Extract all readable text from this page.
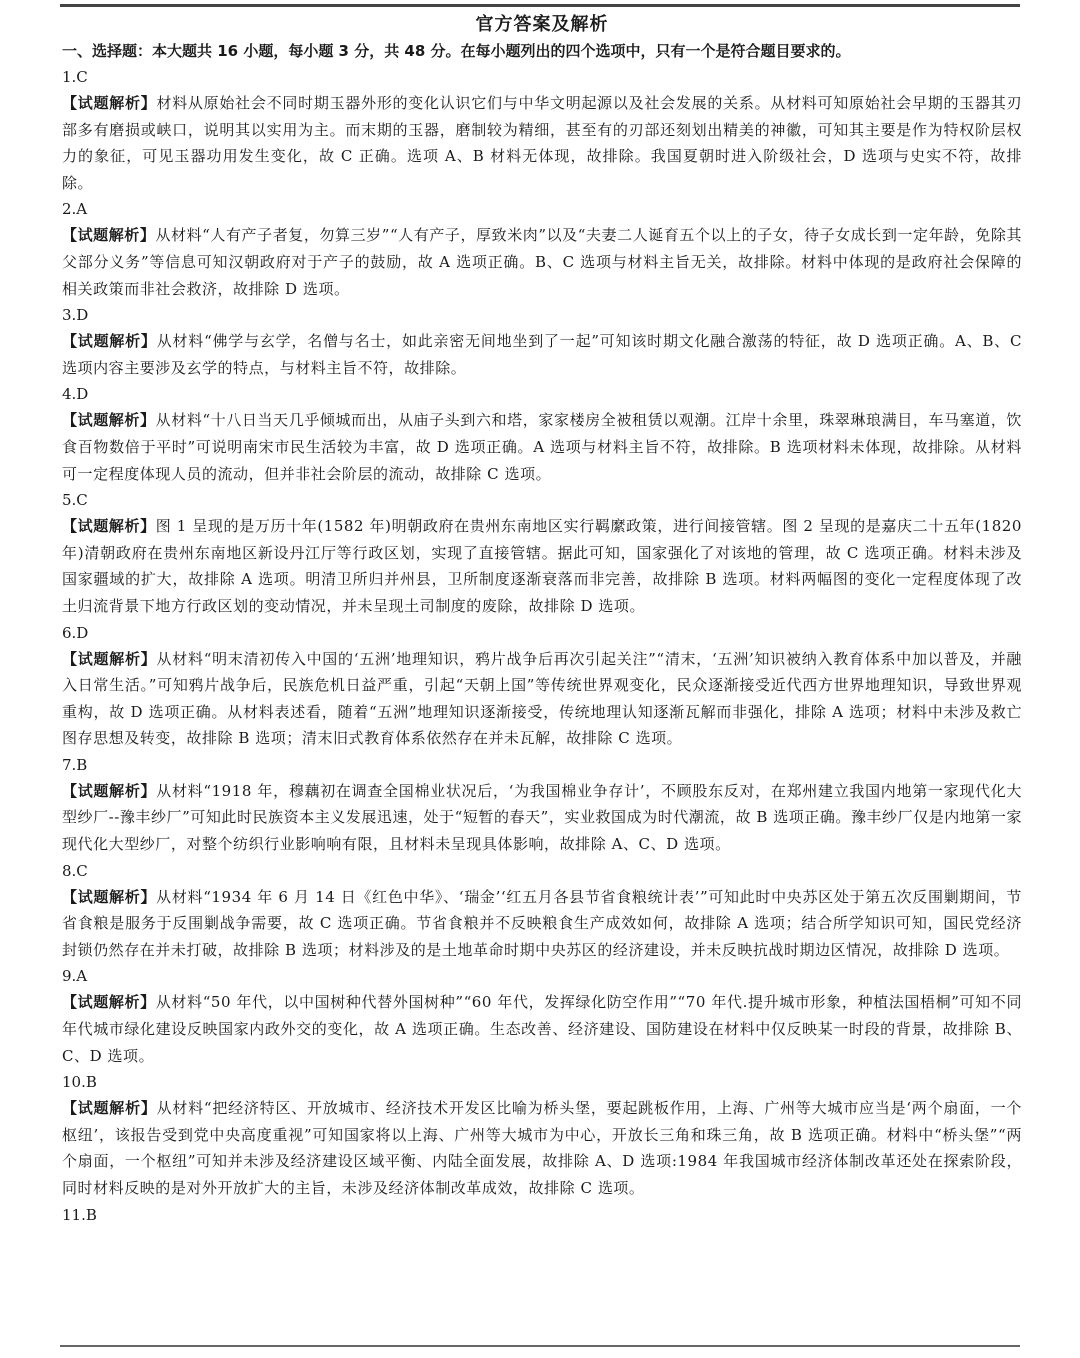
官方答案及解析

一、选择题：本大题共 16 小题，每小题 3 分，共 48 分。在每小题列出的四个选项中，只有一个是符合题目要求的。

1.C

【试题解析】材料从原始社会不同时期玉器外形的变化认识它们与中华文明起源以及社会发展的关系。从材料可知原始社会早期的玉器其刃部多有磨损或峡口，说明其以实用为主。而末期的玉器，磨制较为精细，甚至有的刃部还刻划出精美的神徽，可知其主要是作为特权阶层权力的象征，可见玉器功用发生变化，故 C 正确。选项 A、B 材料无体现，故排除。我国夏朝时进入阶级社会，D 选项与史实不符，故排除。

2.A

【试题解析】从材料“人有产子者复，勿算三岁”“人有产子，厚致米肉”以及“夫妻二人诞育五个以上的子女，待子女成长到一定年龄，免除其父部分义务”等信息可知汉朝政府对于产子的鼓励，故 A 选项正确。B、C 选项与材料主旨无关，故排除。材料中体现的是政府社会保障的相关政策而非社会救济，故排除 D 选项。

3.D

【试题解析】从材料“佛学与玄学，名僧与名士，如此亲密无间地坐到了一起”可知该时期文化融合激荡的特征，故 D 选项正确。A、B、C 选项内容主要涉及玄学的特点，与材料主旨不符，故排除。

4.D

【试题解析】从材料“十八日当天几乎倾城而出，从庙子头到六和塔，家家楼房全被租赁以观潮。江岸十余里，珠翠琳琅满目，车马塞道，饮食百物数倍于平时”可说明南宋市民生活较为丰富，故 D 选项正确。A 选项与材料主旨不符，故排除。B 选项材料未体现，故排除。从材料可一定程度体现人员的流动，但并非社会阶层的流动，故排除 C 选项。

5.C

【试题解析】图 1 呈现的是万历十年(1582 年)明朝政府在贵州东南地区实行羁縻政策，进行间接管辖。图 2 呈现的是嘉庆二十五年(1820 年)清朝政府在贵州东南地区新设丹江厅等行政区划，实现了直接管辖。据此可知，国家强化了对该地的管理，故 C 选项正确。材料未涉及国家疆域的扩大，故排除 A 选项。明清卫所归并州县，卫所制度逐渐衰落而非完善，故排除 B 选项。材料两幅图的变化一定程度体现了改土归流背景下地方行政区划的变动情况，并未呈现土司制度的废除，故排除 D 选项。

6.D

【试题解析】从材料“明末清初传入中国的‘五洲’地理知识，鸦片战争后再次引起关注”“清末，‘五洲’知识被纳入教育体系中加以普及，并融入日常生活。”可知鸦片战争后，民族危机日益严重，引起“天朝上国”等传统世界观变化，民众逐渐接受近代西方世界地理知识，导致世界观重构，故 D 选项正确。从材料表述看，随着“五洲”地理知识逐渐接受，传统地理认知逐渐瓦解而非强化，排除 A 选项；材料中未涉及救亡图存思想及转变，故排除 B 选项；清末旧式教育体系依然存在并未瓦解，故排除 C 选项。

7.B

【试题解析】从材料“1918 年，穆藕初在调查全国棉业状况后，‘为我国棉业争存计’，不顾股东反对，在郑州建立我国内地第一家现代化大型纱厂--豫丰纱厂”可知此时民族资本主义发展迅速，处于“短暂的春天”，实业救国成为时代潮流，故 B 选项正确。豫丰纱厂仅是内地第一家现代化大型纱厂，对整个纺织行业影响响有限，且材料未呈现具体影响，故排除 A、C、D 选项。

8.C

【试题解析】从材料“1934 年 6 月 14 日《红色中华》、‘瑞金’‘红五月各县节省食粮统计表’”可知此时中央苏区处于第五次反围剿期间，节省食粮是服务于反围剿战争需要，故 C 选项正确。节省食粮并不反映粮食生产成效如何，故排除 A 选项；结合所学知识可知，国民党经济封锁仍然存在并未打破，故排除 B 选项；材料涉及的是土地革命时期中央苏区的经济建设，并未反映抗战时期边区情况，故排除 D 选项。

9.A

【试题解析】从材料“50 年代，以中国树种代替外国树种”“60 年代，发挥绿化防空作用”“70 年代.提升城市形象，种植法国梧桐”可知不同年代城市绿化建设反映国家内政外交的变化，故 A 选项正确。生态改善、经济建设、国防建设在材料中仅反映某一时段的背景，故排除 B、C、D 选项。

10.B

【试题解析】从材料“把经济特区、开放城市、经济技术开发区比喻为桥头堡，要起跳板作用，上海、广州等大城市应当是‘两个扇面，一个枢纽’，该报告受到党中央高度重视”可知国家将以上海、广州等大城市为中心，开放长三角和珠三角，故 B 选项正确。材料中“桥头堡”“两个扇面，一个枢纽”可知并未涉及经济建设区域平衡、内陆全面发展，故排除 A、D 选项:1984 年我国城市经济体制改革还处在探索阶段，同时材料反映的是对外开放扩大的主旨，未涉及经济体制改革成效，故排除 C 选项。

11.B
